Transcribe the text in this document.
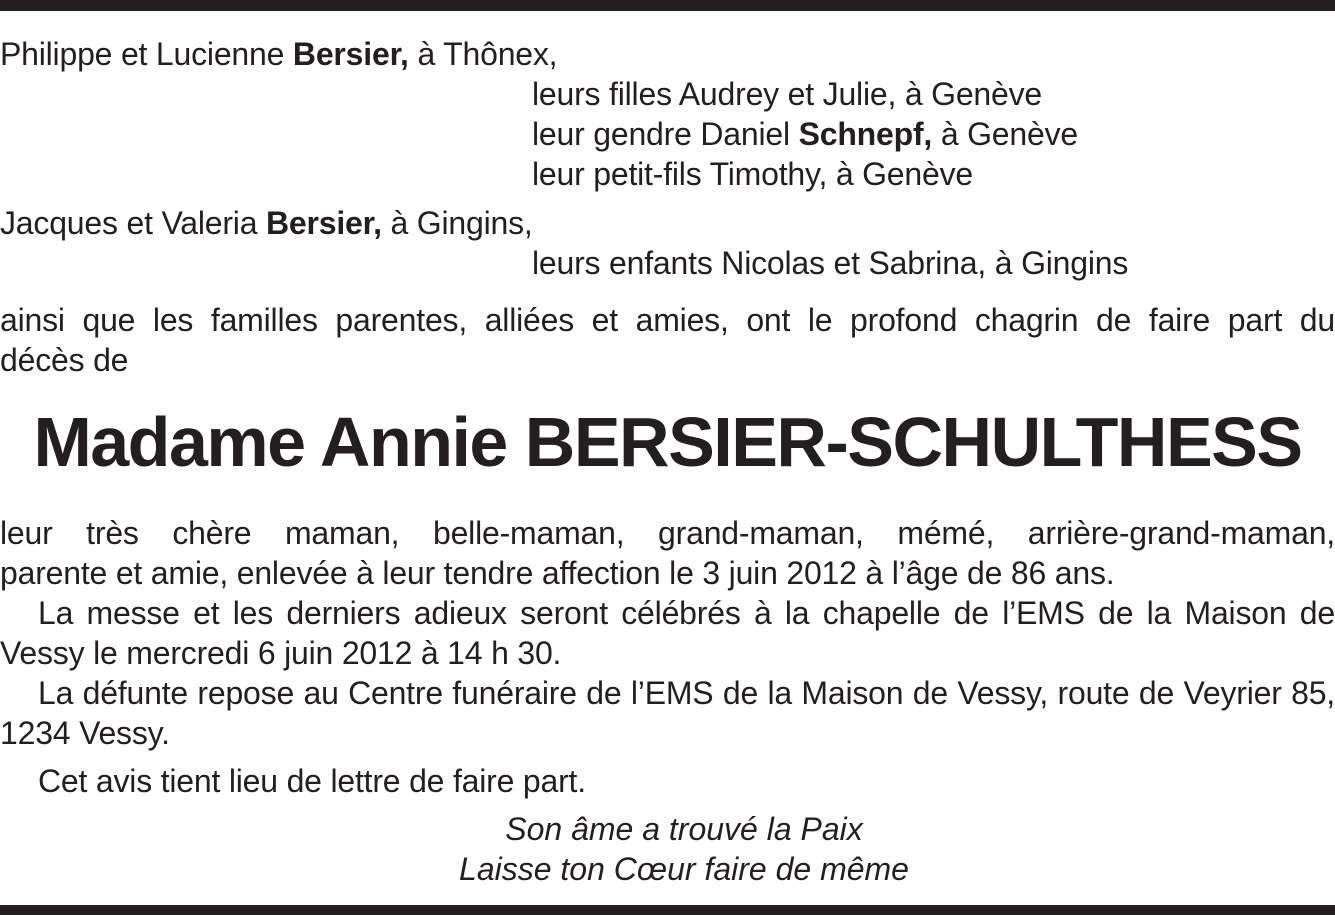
Philippe et Lucienne Bersier, à Thônex,
leurs filles Audrey et Julie, à Genève
leur gendre Daniel Schnepf, à Genève
leur petit-fils Timothy, à Genève
Jacques et Valeria Bersier, à Gingins,
leurs enfants Nicolas et Sabrina, à Gingins
ainsi que les familles parentes, alliées et amies, ont le profond chagrin de faire part du
décès de
Madame Annie BERSIER-SCHULTHESS
leur très chère maman, belle-maman, grand-maman, mémé, arrière-grand-maman,
parente et amie, enlevée à leur tendre affection le 3 juin 2012 à l’âge de 86 ans.
La messe et les derniers adieux seront célébrés à la chapelle de l’EMS de la Maison de
Vessy le mercredi 6 juin 2012 à 14 h 30.
La défunte repose au Centre funéraire de l’EMS de la Maison de Vessy, route de Veyrier 85,
1234 Vessy.
Cet avis tient lieu de lettre de faire part.
Son âme a trouvé la Paix
Laisse ton Cœur faire de même
